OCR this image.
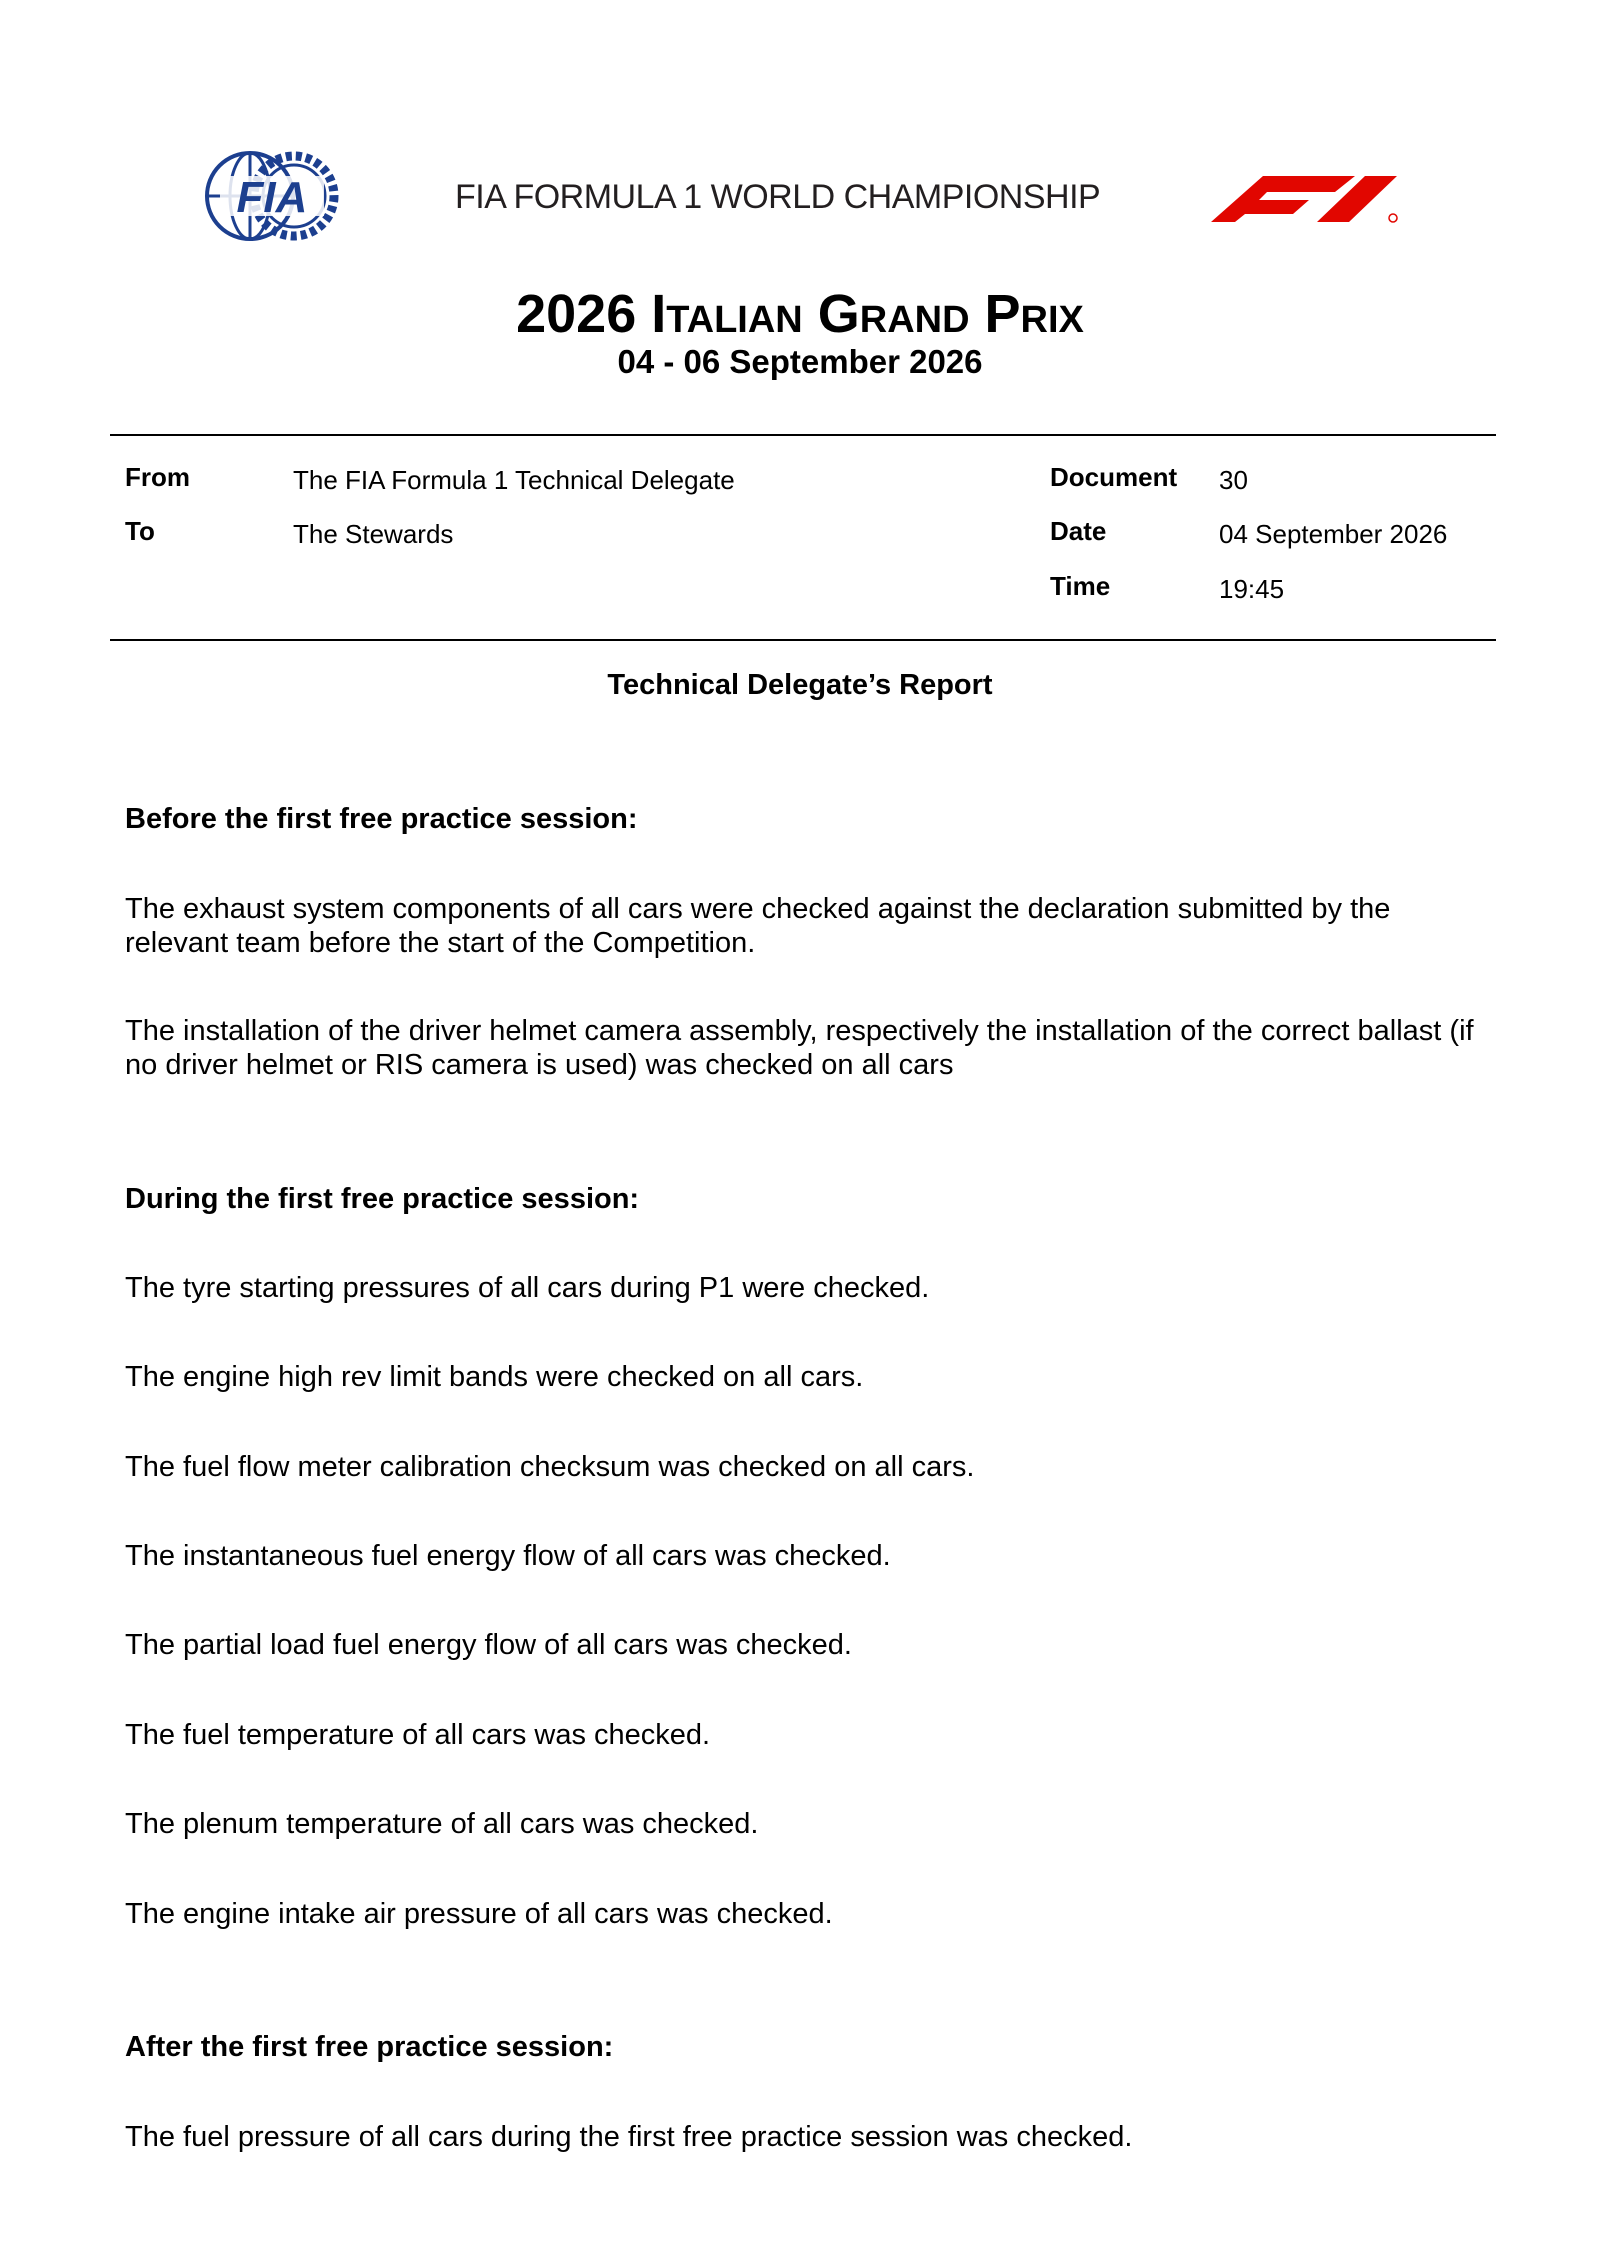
FIA	FIA FORMULA 1 WORLD CHAMPIONSHIP
2026 Italian Grand Prix
04 - 06 September 2026
From	The FIA Formula 1 Technical Delegate
To	The Stewards
Document 30
Date	04 September 2026
Time	19:45
Technical Delegate’s Report
Before the first free practice session:
The exhaust system components of all cars were checked against the declaration submitted by the relevant team before the start of the Competition.
The installation of the driver helmet camera assembly, respectively the installation of the correct ballast (if no driver helmet or RIS camera is used) was checked on all cars
During the first free practice session:
The tyre starting pressures of all cars during P1 were checked.
The engine high rev limit bands were checked on all cars.
The fuel flow meter calibration checksum was checked on all cars.
The instantaneous fuel energy flow of all cars was checked.
The partial load fuel energy flow of all cars was checked.
The fuel temperature of all cars was checked.
The plenum temperature of all cars was checked.
The engine intake air pressure of all cars was checked.
After the first free practice session:
The fuel pressure of all cars during the first free practice session was checked.
